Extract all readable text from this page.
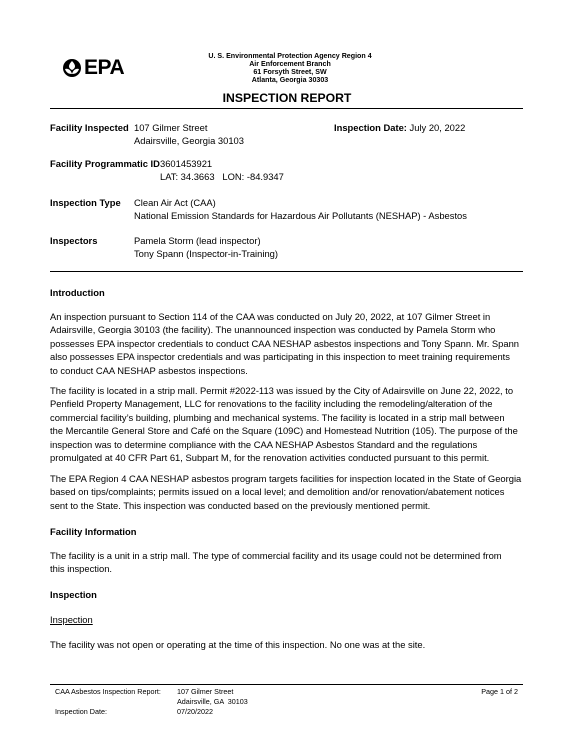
EPA	U. S. Environmental Protection Agency Region 4
Air Enforcement Branch
61 Forsyth Street, SW
Atlanta, Georgia 30303
INSPECTION REPORT
Facility Inspected 107 Gilmer Street
Adairsville, Georgia 30103
Inspection Date: July 20, 2022
Facility Programmatic ID 3601453921
LAT: 34.3663   LON: -84.9347
Inspection Type Clean Air Act (CAA)
National Emission Standards for Hazardous Air Pollutants (NESHAP) - Asbestos
Inspectors	Pamela Storm (lead inspector)
Tony Spann (Inspector-in-Training)
Introduction
An inspection pursuant to Section 114 of the CAA was conducted on July 20, 2022, at 107 Gilmer Street in
Adairsville, Georgia 30103 (the facility). The unannounced inspection was conducted by Pamela Storm who
possesses EPA inspector credentials to conduct CAA NESHAP asbestos inspections and Tony Spann. Mr. Spann
also possesses EPA inspector credentials and was participating in this inspection to meet training requirements
to conduct CAA NESHAP asbestos inspections.
The facility is located in a strip mall. Permit #2022-113 was issued by the City of Adairsville on June 22, 2022, to
Penfield Property Management, LLC for renovations to the facility including the remodeling/alteration of the
commercial facility’s building, plumbing and mechanical systems. The facility is located in a strip mall between
the Mercantile General Store and Café on the Square (109C) and Homestead Nutrition (105). The purpose of the
inspection was to determine compliance with the CAA NESHAP Asbestos Standard and the regulations
promulgated at 40 CFR Part 61, Subpart M, for the renovation activities conducted pursuant to this permit.
The EPA Region 4 CAA NESHAP asbestos program targets facilities for inspection located in the State of Georgia
based on tips/complaints; permits issued on a local level; and demolition and/or renovation/abatement notices
sent to the State. This inspection was conducted based on the previously mentioned permit.
Facility Information
The facility is a unit in a strip mall. The type of commercial facility and its usage could not be determined from
this inspection.
Inspection
Inspection
The facility was not open or operating at the time of this inspection. No one was at the site.
CAA Asbestos Inspection Report: 107 Gilmer Street
Adairsville, GA  30103
Inspection Date:	07/20/2022
Page 1 of 2
